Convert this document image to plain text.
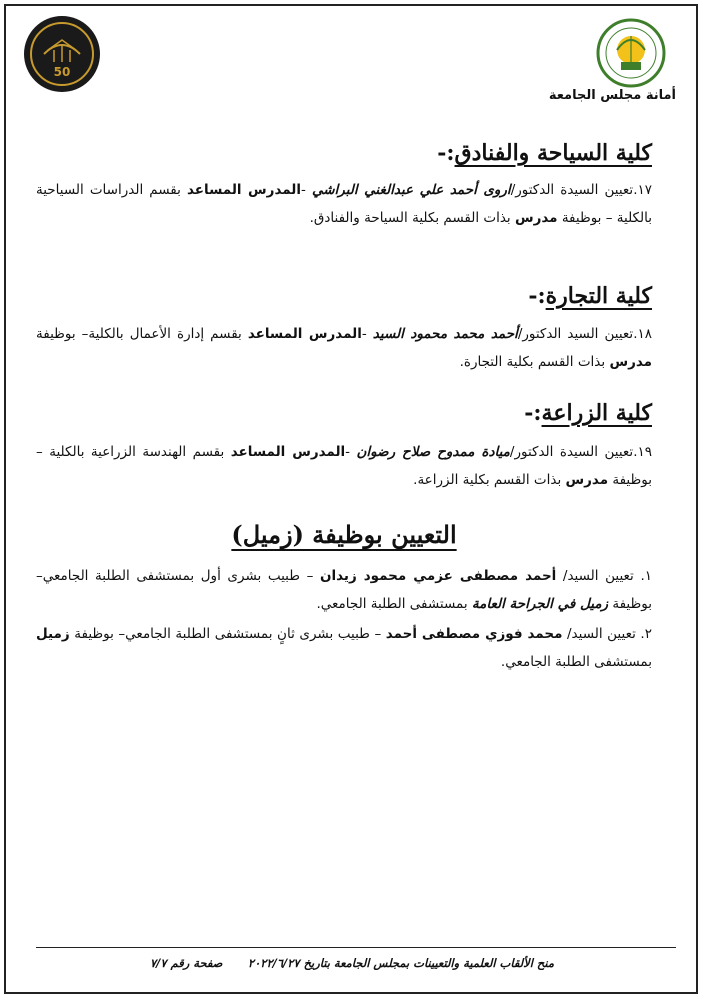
50
أمانة مجلس الجامعة
كلية السياحة والفنادق:-
١٧.تعيين السيدة الدكتور/اروى أحمد علي عبدالغني البراشي -المدرس المساعد بقسم الدراسات السياحية بالكلية – بوظيفة مدرس بذات القسم بكلية السياحة والفنادق.
كلية التجارة:-
١٨.تعيين السيد الدكتور/أحمد محمد محمود السيد -المدرس المساعد بقسم إدارة الأعمال بالكلية– بوظيفة مدرس بذات القسم بكلية التجارة.
كلية الزراعة:-
١٩.تعيين السيدة الدكتور/ميادة ممدوح صلاح رضوان -المدرس المساعد بقسم الهندسة الزراعية بالكلية – بوظيفة مدرس بذات القسم بكلية الزراعة.
التعيين بوظيفة (زميل)
١. تعيين السيد/ أحمد مصطفى عزمي محمود زيدان – طبيب بشرى أول بمستشفى الطلبة الجامعي– بوظيفة زميل في الجراحة العامة بمستشفى الطلبة الجامعي.
٢. تعيين السيد/ محمد فوزي مصطفى أحمد – طبيب بشرى ثانٍ بمستشفى الطلبة الجامعي– بوظيفة زميل بمستشفى الطلبة الجامعي.
منح الألقاب العلمية والتعيينات بمجلس الجامعة بتاريخ ٢٠٢٢/٦/٢٧
صفحة رقم ٧/٧
